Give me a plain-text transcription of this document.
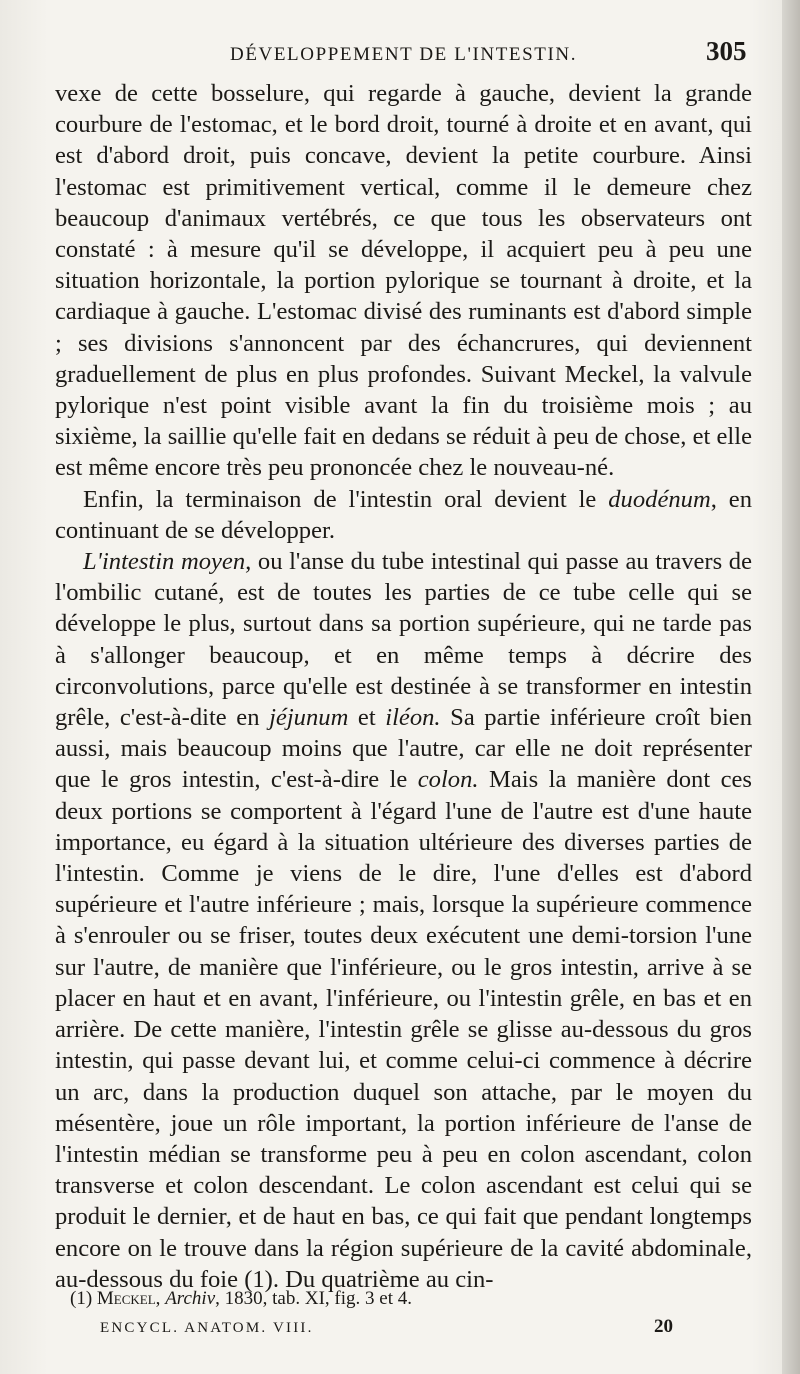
DÉVELOPPEMENT DE L'INTESTIN.	305

vexe de cette bosselure, qui regarde à gauche, devient la grande courbure de l'estomac, et le bord droit, tourné à droite et en avant, qui est d'abord droit, puis concave, devient la petite courbure. Ainsi l'estomac est primitivement vertical, comme il le demeure chez beaucoup d'animaux vertébrés, ce que tous les observateurs ont constaté : à mesure qu'il se développe, il acquiert peu à peu une situation horizontale, la portion pylorique se tournant à droite, et la cardiaque à gauche. L'estomac divisé des ruminants est d'abord simple ; ses divisions s'annoncent par des échancrures, qui deviennent graduellement de plus en plus profondes. Suivant Meckel, la valvule pylorique n'est point visible avant la fin du troisième mois ; au sixième, la saillie qu'elle fait en dedans se réduit à peu de chose, et elle est même encore très peu prononcée chez le nouveau-né.

Enfin, la terminaison de l'intestin oral devient le duodénum, en continuant de se développer.

L'intestin moyen, ou l'anse du tube intestinal qui passe au travers de l'ombilic cutané, est de toutes les parties de ce tube celle qui se développe le plus, surtout dans sa portion supérieure, qui ne tarde pas à s'allonger beaucoup, et en même temps à décrire des circonvolutions, parce qu'elle est destinée à se transformer en intestin grêle, c'est-à-dite en jéjunum et iléon. Sa partie inférieure croît bien aussi, mais beaucoup moins que l'autre, car elle ne doit représenter que le gros intestin, c'est-à-dire le colon. Mais la manière dont ces deux portions se comportent à l'égard l'une de l'autre est d'une haute importance, eu égard à la situation ultérieure des diverses parties de l'intestin. Comme je viens de le dire, l'une d'elles est d'abord supérieure et l'autre inférieure ; mais, lorsque la supérieure commence à s'enrouler ou se friser, toutes deux exécutent une demi-torsion l'une sur l'autre, de manière que l'inférieure, ou le gros intestin, arrive à se placer en haut et en avant, l'inférieure, ou l'intestin grêle, en bas et en arrière. De cette manière, l'intestin grêle se glisse au-dessous du gros intestin, qui passe devant lui, et comme celui-ci commence à décrire un arc, dans la production duquel son attache, par le moyen du mésentère, joue un rôle important, la portion inférieure de l'anse de l'intestin médian se transforme peu à peu en colon ascendant, colon transverse et colon descendant. Le colon ascendant est celui qui se produit le dernier, et de haut en bas, ce qui fait que pendant longtemps encore on le trouve dans la région supérieure de la cavité abdominale, au-dessous du foie (1). Du quatrième au cin-

(1) Meckel, Archiv, 1830, tab. XI, fig. 3 et 4.
ENCYCL. ANATOM. VIII.	20
